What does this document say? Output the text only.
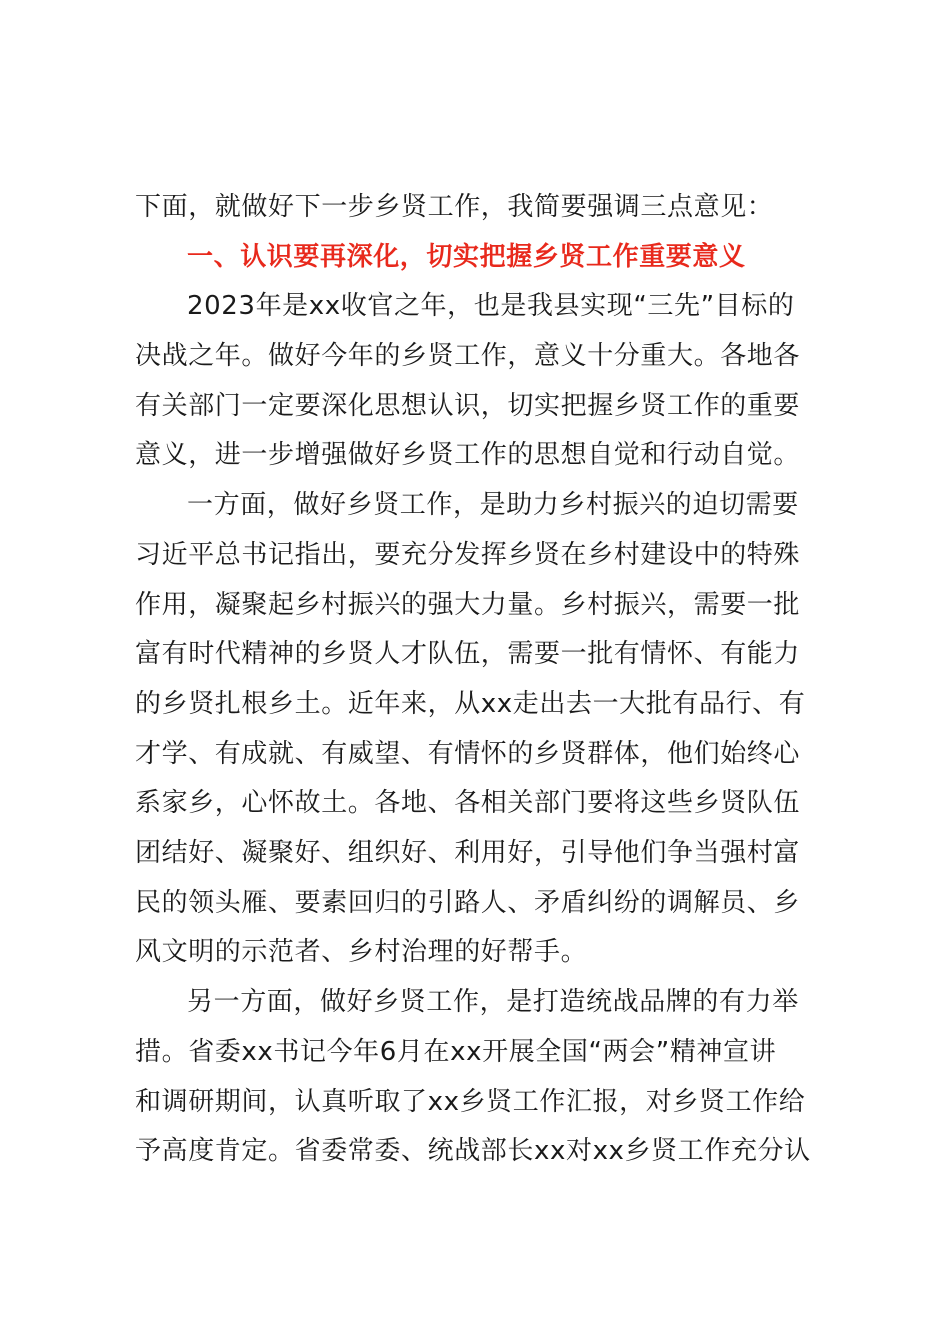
下面，就做好下一步乡贤工作，我简要强调三点意见：
一、认识要再深化，切实把握乡贤工作重要意义
2023年是xx收官之年，也是我县实现“三先”目标的
决战之年。做好今年的乡贤工作，意义十分重大。各地各
有关部门一定要深化思想认识，切实把握乡贤工作的重要
意义，进一步增强做好乡贤工作的思想自觉和行动自觉。
一方面，做好乡贤工作，是助力乡村振兴的迫切需要
习近平总书记指出，要充分发挥乡贤在乡村建设中的特殊
作用，凝聚起乡村振兴的强大力量。乡村振兴，需要一批
富有时代精神的乡贤人才队伍，需要一批有情怀、有能力
的乡贤扎根乡土。近年来，从xx走出去一大批有品行、有
才学、有成就、有威望、有情怀的乡贤群体，他们始终心
系家乡，心怀故土。各地、各相关部门要将这些乡贤队伍
团结好、凝聚好、组织好、利用好，引导他们争当强村富
民的领头雁、要素回归的引路人、矛盾纠纷的调解员、乡
风文明的示范者、乡村治理的好帮手。
另一方面，做好乡贤工作，是打造统战品牌的有力举
措。省委xx书记今年6月在xx开展全国“两会”精神宣讲
和调研期间，认真听取了xx乡贤工作汇报，对乡贤工作给
予高度肯定。省委常委、统战部长xx对xx乡贤工作充分认
